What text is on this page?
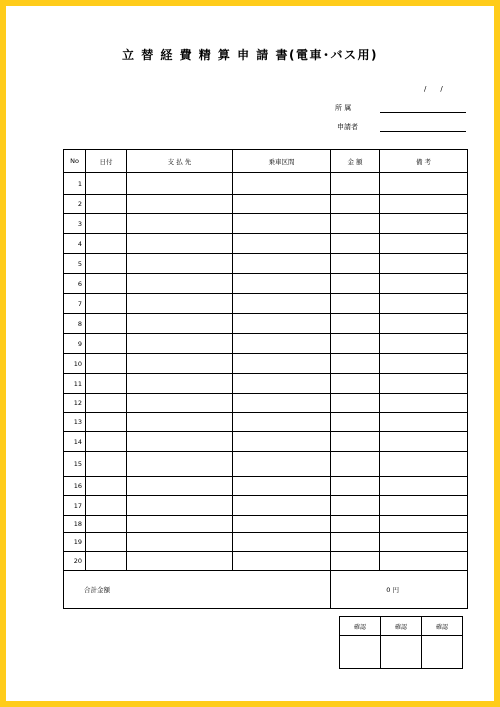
立 替 経 費 精 算 申 請 書(電車･バス用)
/　　/
所 属
申請者
No	日付	支 払 先	乗車区間	金 額	備 考
1					
2					
3					
4					
5					
6					
7					
8					
9					
10					
11					
12					
13					
14					
15					
16					
17					
18					
19					
20					
合計金額				0 円	
確認	確認	確認
